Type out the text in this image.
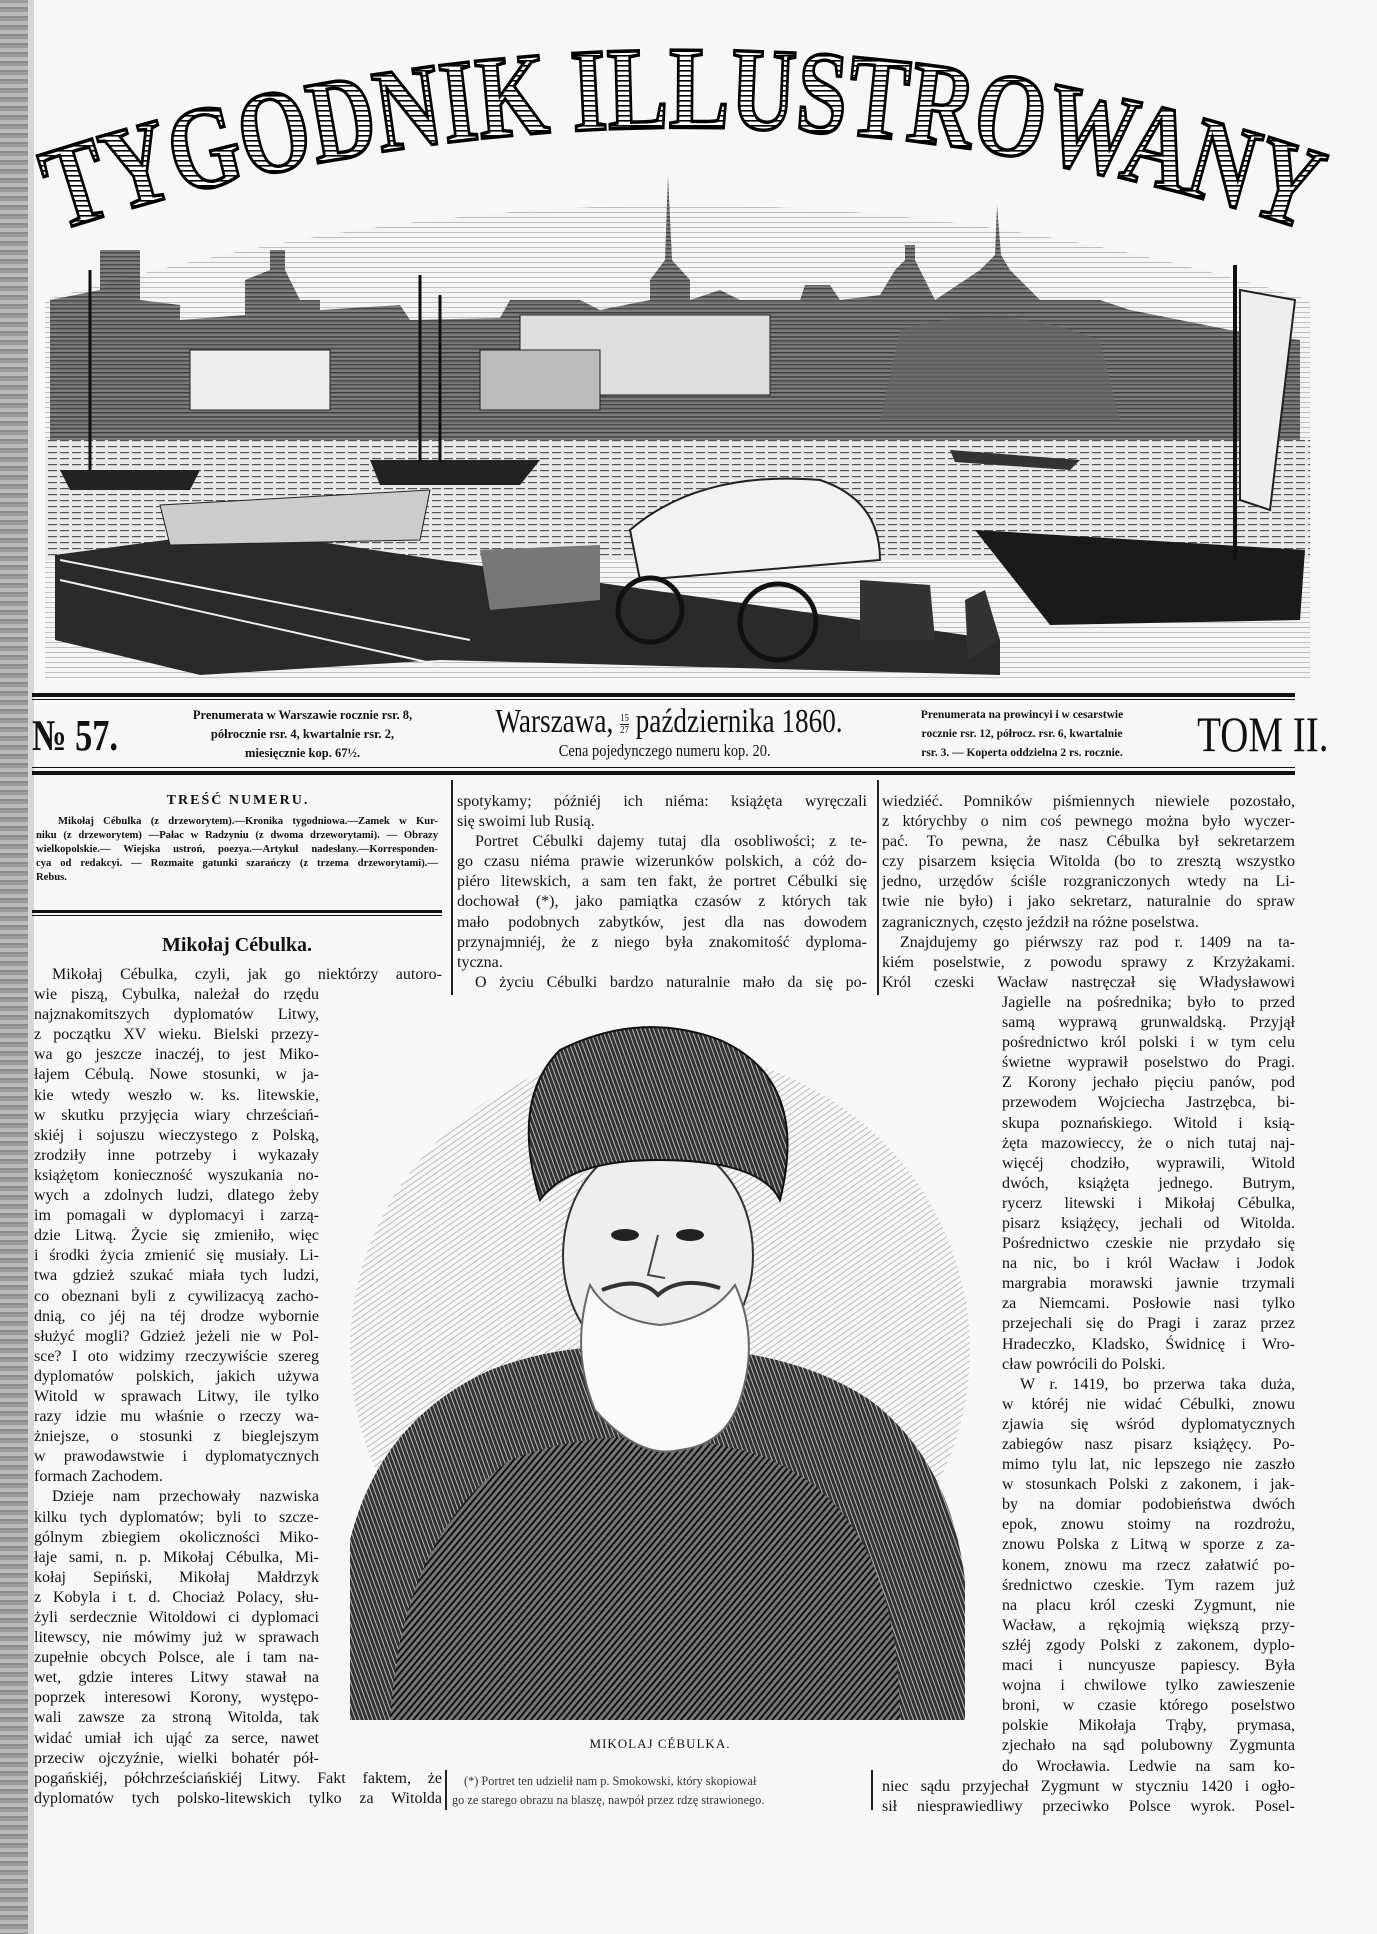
TYGODNIK ILLUSTROWANY
№ 57.	Prenumerata w Warszawie rocznie rsr. 8,
półrocznie rsr. 4, kwartalnie rsr. 2,
miesięcznie kop. 67½.
Warszawa, $\frac{15}{27}$ października 1860.
Cena pojedynczego numeru kop. 20.
Prenumerata na prowincyi i w cesarstwie
rocznie rsr. 12, półrocz. rsr. 6, kwartalnie
rsr. 3. — Koperta oddzielna 2 rs. rocznie.	TOM II.
TREŚĆ NUMERU.
Mikołaj Cébulka (z drzeworytem).—Kronika tygodniowa.—Zamek w Kur-
niku (z drzeworytem) —Pałac w Radzyniu (z dwoma drzeworytami). — Obrazy
wielkopolskie.— Wiejska ustroń, poezya.—Artykuł nadesłany.—Korresponden-
cya od redakcyi. — Rozmaite gatunki szarańczy (z trzema drzeworytami).—
Rebus.
Mikołaj Cébulka.
Mikołaj Cébulka, czyli, jak go niektórzy autoro-
wie piszą, Cybulka, należał do rzędu
najznakomitszych dyplomatów Litwy,
z początku XV wieku. Bielski przezy-
wa go jeszcze inaczéj, to jest Miko-
łajem Cébulą. Nowe stosunki, w ja-
kie wtedy weszło w. ks. litewskie,
w skutku przyjęcia wiary chrześciań-
skiéj i sojuszu wieczystego z Polską,
zrodziły inne potrzeby i wykazały
książętom konieczność wyszukania no-
wych a zdolnych ludzi, dlatego żeby
im pomagali w dyplomacyi i zarzą-
dzie Litwą. Życie się zmieniło, więc
i środki życia zmienić się musiały. Li-
twa gdzież szukać miała tych ludzi,
co obeznani byli z cywilizacyą zacho-
dnią, co jéj na téj drodze wybornie
służyć mogli? Gdzież jeżeli nie w Pol-
sce? I oto widzimy rzeczywiście szereg
dyplomatów polskich, jakich używa
Witold w sprawach Litwy, ile tylko
razy idzie mu właśnie o rzeczy wa-
żniejsze, o stosunki z bieglejszym
w prawodawstwie i dyplomatycznych
formach Zachodem.
Dzieje nam przechowały nazwiska
kilku tych dyplomatów; byli to szcze-
gólnym zbiegiem okoliczności Miko-
łaje sami, n. p. Mikołaj Cébulka, Mi-
kołaj Sepiński, Mikołaj Małdrzyk
z Kobyla i t. d. Chociaż Polacy, słu-
żyli serdecznie Witoldowi ci dyplomaci
litewscy, nie mówimy już w sprawach
zupełnie obcych Polsce, ale i tam na-
wet, gdzie interes Litwy stawał na
poprzek interesowi Korony, występo-
wali zawsze za stroną Witolda, tak
widać umiał ich ująć za serce, nawet
przeciw ojczyźnie, wielki bohatér pół-
pogańskiéj, półchrześciańskiéj Litwy. Fakt faktem, że
dyplomatów tych polsko-litewskich tylko za Witolda
spotykamy; późniéj ich niéma: książęta wyręczali
się swoimi lub Rusią.
Portret Cébulki dajemy tutaj dla osobliwości; z te-
go czasu niéma prawie wizerunków polskich, a cóż do-
piéro litewskich, a sam ten fakt, że portret Cébulki się
dochował (*), jako pamiątka czasów z których tak
mało podobnych zabytków, jest dla nas dowodem
przynajmniéj, że z niego była znakomitość dyploma-
tyczna.
O życiu Cébulki bardzo naturalnie mało da się po-
wiedziéć. Pomników piśmiennych niewiele pozostało,
z którychby o nim coś pewnego można było wyczer-
pać. To pewna, że nasz Cébulka był sekretarzem
czy pisarzem księcia Witolda (bo to zresztą wszystko
jedno, urzędów ściśle rozgraniczonych wtedy na Li-
twie nie było) i jako sekretarz, naturalnie do spraw
zagranicznych, często jeździł na różne poselstwa.
Znajdujemy go piérwszy raz pod r. 1409 na ta-
kiém poselstwie, z powodu sprawy z Krzyżakami.
Król czeski Wacław nastręczał się Władysławowi
Jagielle na pośrednika; było to przed
samą wyprawą grunwaldską. Przyjął
pośrednictwo król polski i w tym celu
świetne wyprawił poselstwo do Pragi.
Z Korony jechało pięciu panów, pod
przewodem Wojciecha Jastrzębca, bi-
skupa poznańskiego. Witold i ksią-
żęta mazowieccy, że o nich tutaj naj-
więcéj chodziło, wyprawili, Witold
dwóch, książęta jednego. Butrym,
rycerz litewski i Mikołaj Cébulka,
pisarz książęcy, jechali od Witolda.
Pośrednictwo czeskie nie przydało się
na nic, bo i król Wacław i Jodok
margrabia morawski jawnie trzymali
za Niemcami. Posłowie nasi tylko
przejechali się do Pragi i zaraz przez
Hradeczko, Kladsko, Świdnicę i Wro-
cław powrócili do Polski.
W r. 1419, bo przerwa taka duża,
w któréj nie widać Cébulki, znowu
zjawia się wśród dyplomatycznych
zabiegów nasz pisarz książęcy. Po-
mimo tylu lat, nic lepszego nie zaszło
w stosunkach Polski z zakonem, i jak-
by na domiar podobieństwa dwóch
epok, znowu stoimy na rozdrożu,
znowu Polska z Litwą w sporze z za-
konem, znowu ma rzecz załatwić po-
średnictwo czeskie. Tym razem już
na placu król czeski Zygmunt, nie
Wacław, a rękojmią większą przy-
szłéj zgody Polski z zakonem, dyplo-
maci i nuncyusze papiescy. Była
wojna i chwilowe tylko zawieszenie
broni, w czasie którego poselstwo
polskie Mikołaja Trąby, prymasa,
zjechało na sąd polubowny Zygmunta
do Wrocławia. Ledwie na sam ko-
niec sądu przyjechał Zygmunt w styczniu 1420 i ogło-
sił niesprawiedliwy przeciwko Polsce wyrok. Posel-
MIKOLAJ CÉBULKA.
(*) Portret ten udzielił nam p. Smokowski, który skopiował
go ze starego obrazu na blaszę, nawpół przez rdzę strawionego.
